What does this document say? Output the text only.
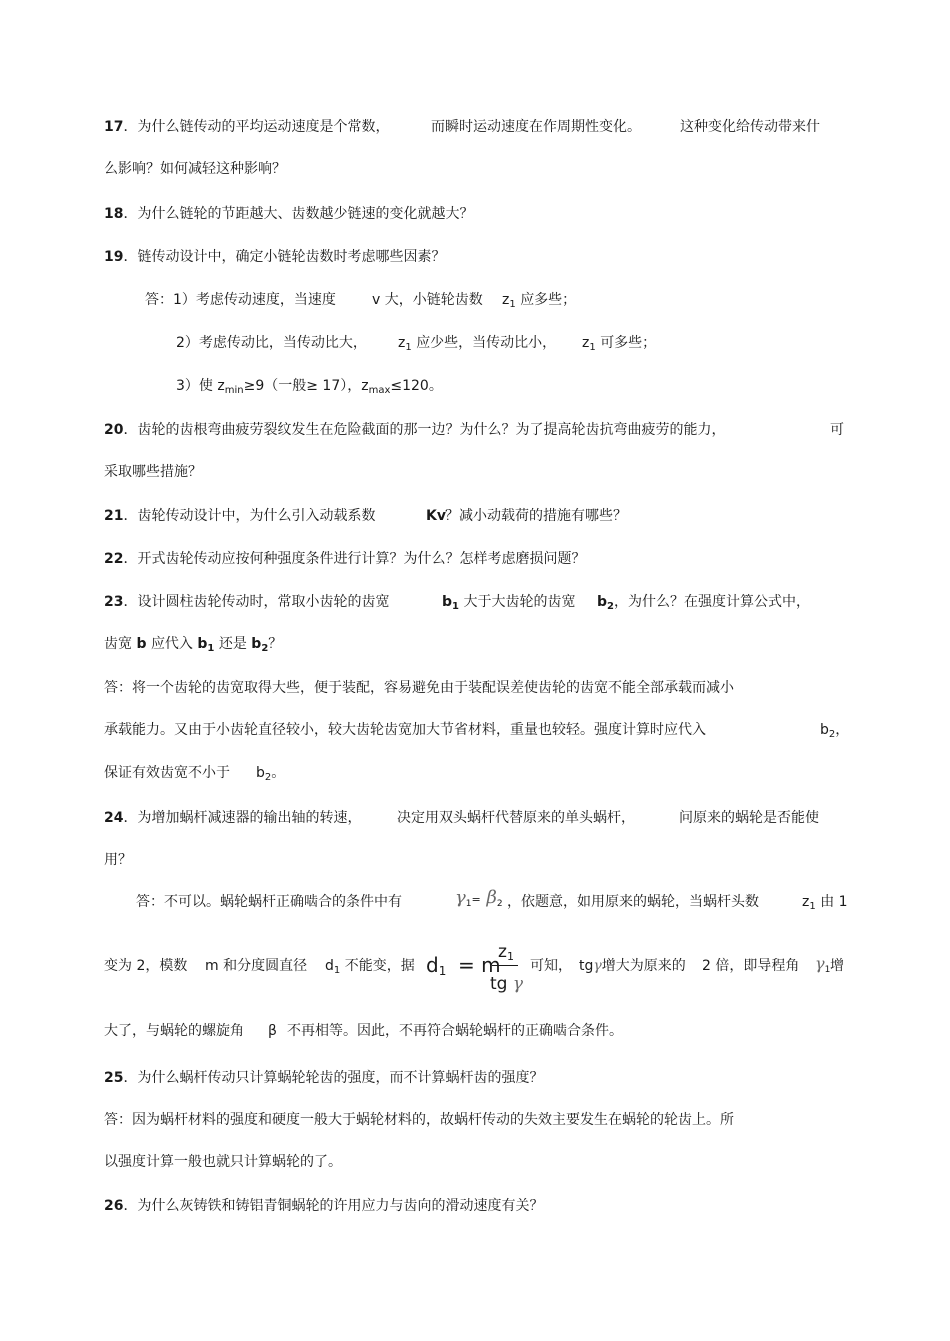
17．为什么链传动的平均运动速度是个常数，	而瞬时运动速度在作周期性变化。	这种变化给传动带来什
么影响？如何减轻这种影响？
18．为什么链轮的节距越大、齿数越少链速的变化就越大？
19．链传动设计中，确定小链轮齿数时考虑哪些因素？
答：1）考虑传动速度，当速度	v 大，小链轮齿数 $z_1$ 应多些；
2）考虑传动比，当传动比大， $z_1$ 应少些，当传动比小， $z_1$ 可多些；
3）使 $z_{min}\ge 9$（一般≥ 17），$z_{max}\le 120$。
20．齿轮的齿根弯曲疲劳裂纹发生在危险截面的那一边？为什么？为了提高轮齿抗弯曲疲劳的能力，	可
采取哪些措施？
21．齿轮传动设计中，为什么引入动载系数	Kv ？减小动载荷的措施有哪些？
22．开式齿轮传动应按何种强度条件进行计算？为什么？怎样考虑磨损问题？
23．设计圆柱齿轮传动时，常取小齿轮的齿宽	$b_1$ 大于大齿轮的齿宽 $b_2$，为什么？在强度计算公式中，
齿宽 b 应代入 $b_1$ 还是 $b_2$？
答：将一个齿轮的齿宽取得大些，便于装配，容易避免由于装配误差使齿轮的齿宽不能全部承载而减小
承载能力。又由于小齿轮直径较小，较大齿轮齿宽加大节省材料，重量也较轻。强度计算时应代入	$b_2$，
保证有效齿宽不小于 $b_2$。
24．为增加蜗杆减速器的输出轴的转速，	决定用双头蜗杆代替原来的单头蜗杆，	问原来的蜗轮是否能使
用？
答：不可以。蜗轮蜗杆正确啮合的条件中有	$\gamma_1= \beta_2$ ，依题意，如用原来的蜗轮，当蜗杆头数	$z_1$ 由 1
变为 2，模数 m 和分度圆直径 $d_1$ 不能变，据 $d_1 = m$
$z_1$
tg γ
可知， tgγ增大为原来的 2 倍，即导程角 $\gamma_1$ 增
大了，与蜗轮的螺旋角 β 不再相等。因此，不再符合蜗轮蜗杆的正确啮合条件。
25．为什么蜗杆传动只计算蜗轮轮齿的强度，而不计算蜗杆齿的强度？
答：因为蜗杆材料的强度和硬度一般大于蜗轮材料的，故蜗杆传动的失效主要发生在蜗轮的轮齿上。所
以强度计算一般也就只计算蜗轮的了。
26．为什么灰铸铁和铸铝青铜蜗轮的许用应力与齿向的滑动速度有关？
